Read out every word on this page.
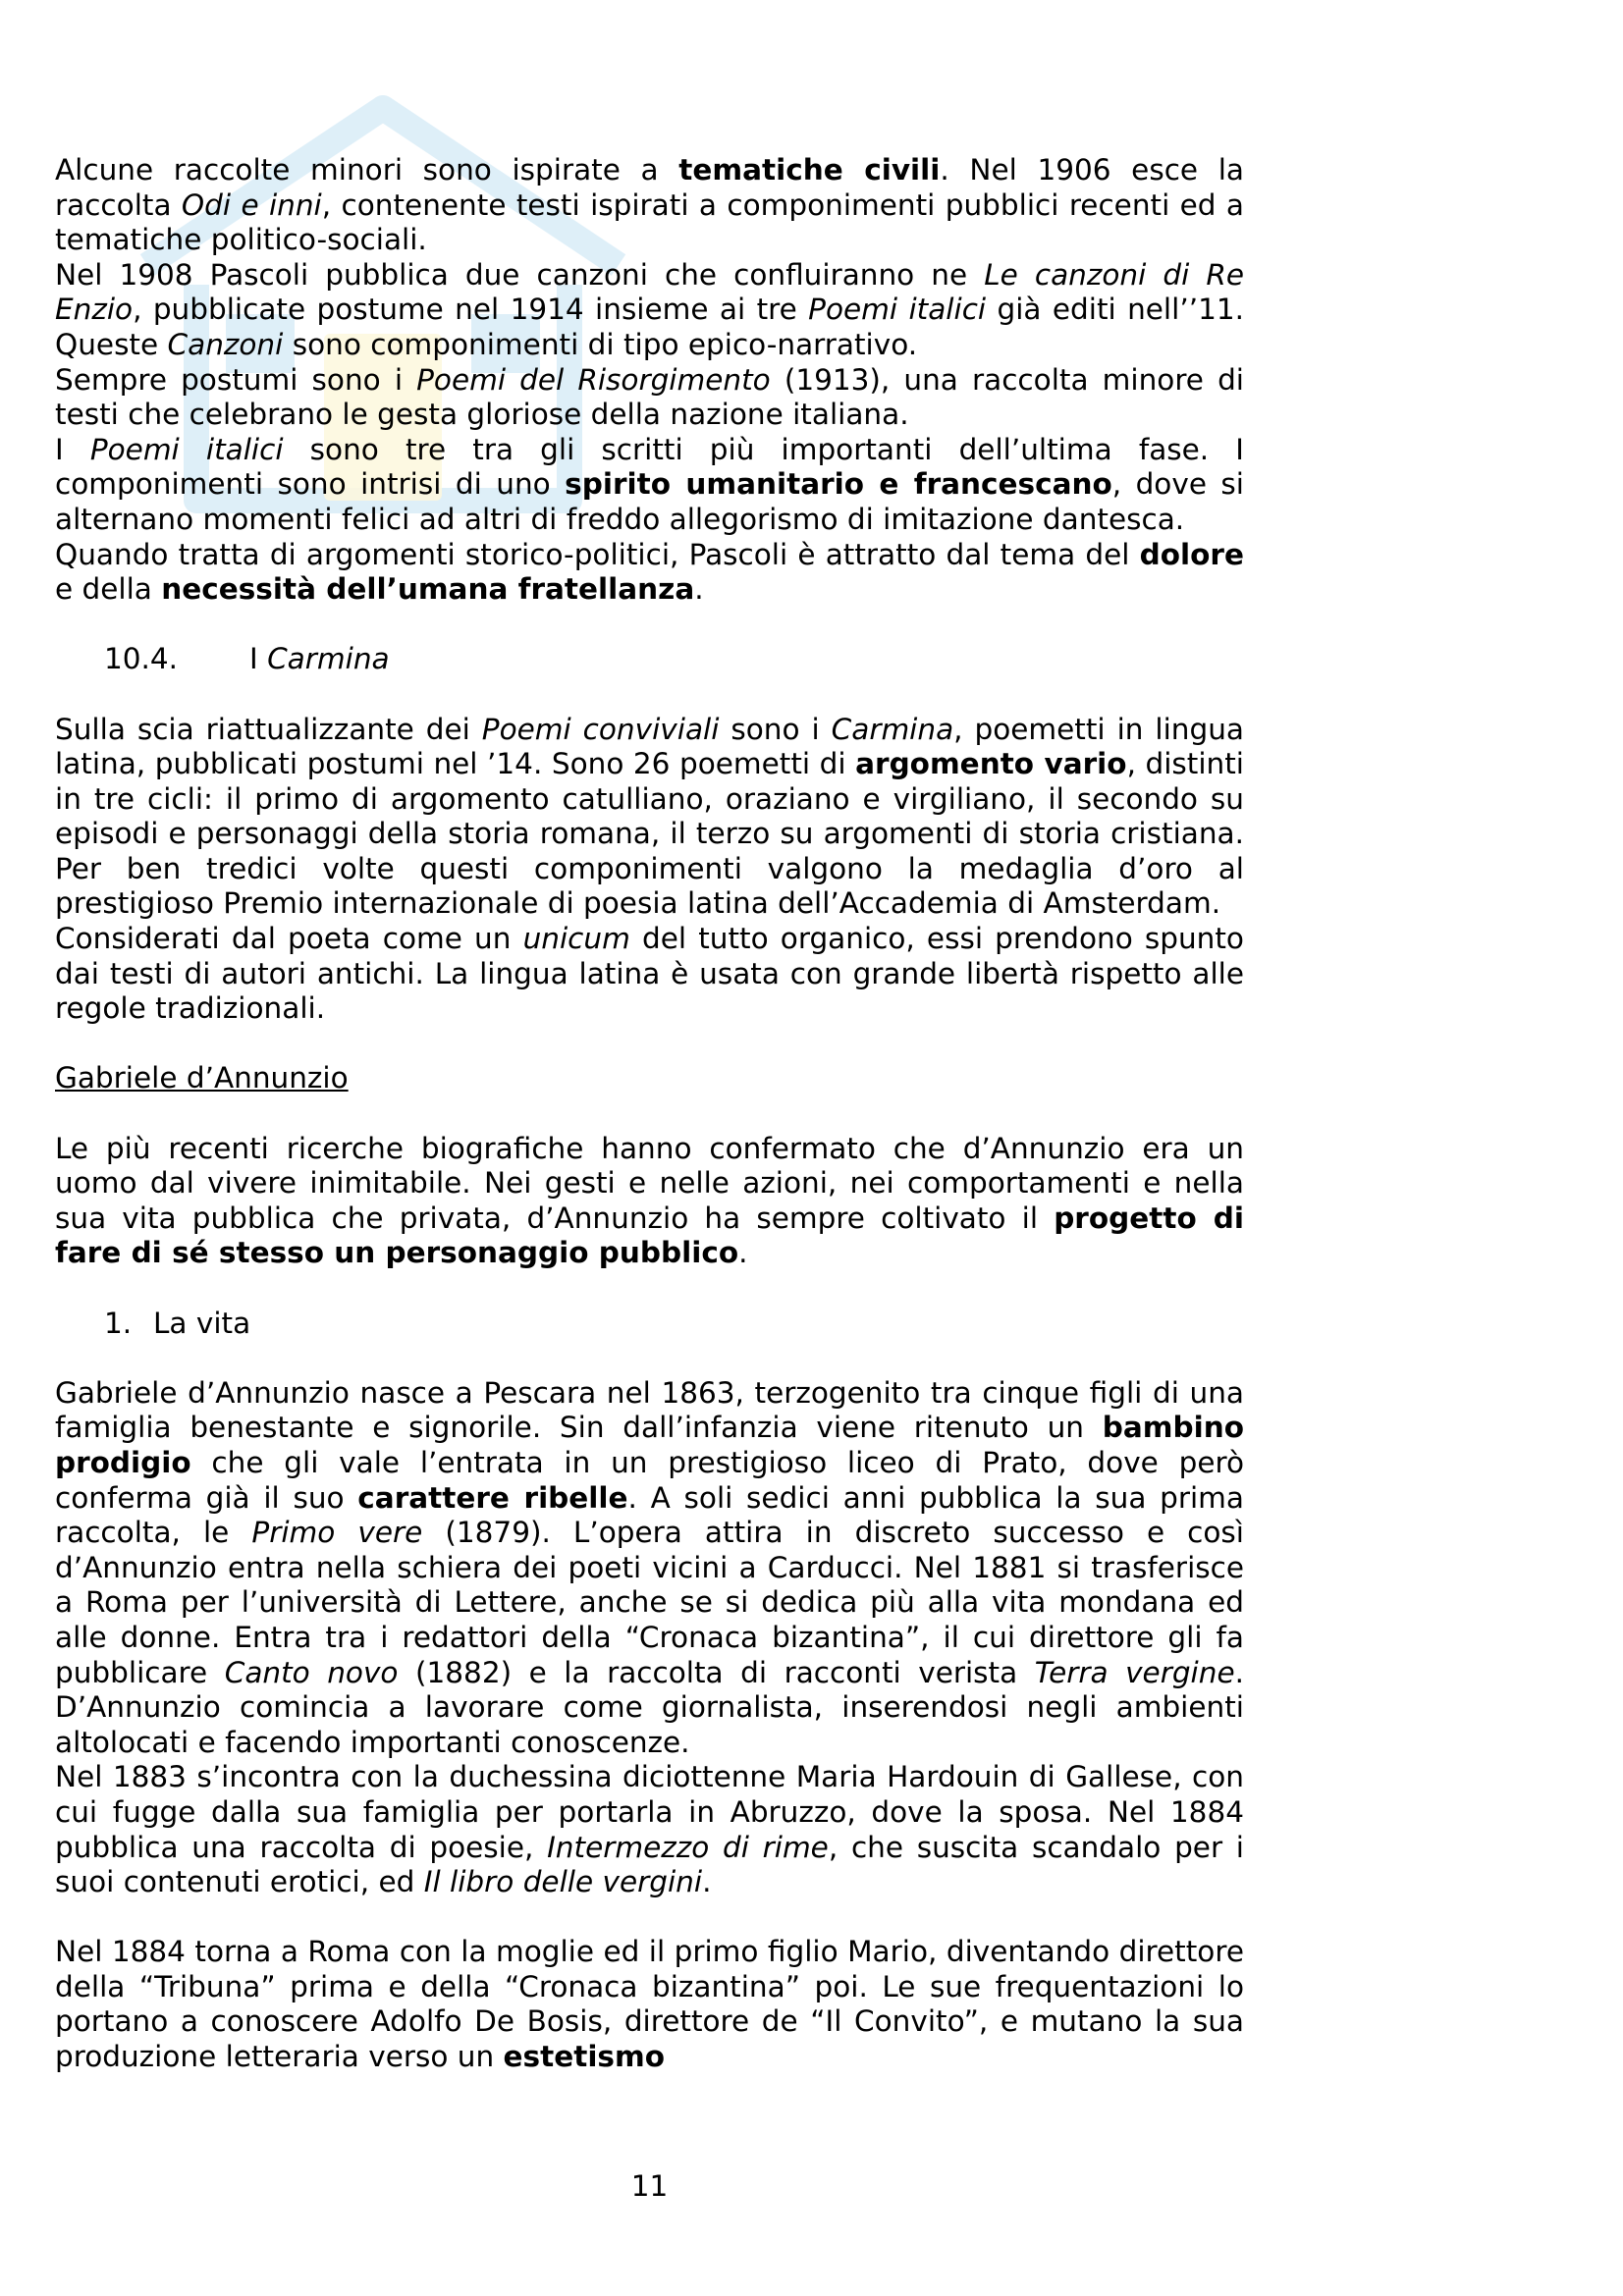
Alcune raccolte minori sono ispirate a tematiche civili. Nel 1906 esce la raccolta Odi e inni, contenente testi ispirati a componimenti pubblici recenti ed a tematiche politico-sociali.

Nel 1908 Pascoli pubblica due canzoni che confluiranno ne Le canzoni di Re Enzio, pubblicate postume nel 1914 insieme ai tre Poemi italici già editi nell’’11. Queste Canzoni sono componimenti di tipo epico-narrativo.

Sempre postumi sono i Poemi del Risorgimento (1913), una raccolta minore di testi che celebrano le gesta gloriose della nazione italiana.

I Poemi italici sono tre tra gli scritti più importanti dell’ultima fase. I componimenti sono intrisi di uno spirito umanitario e francescano, dove si alternano momenti felici ad altri di freddo allegorismo di imitazione dantesca.

Quando tratta di argomenti storico-politici, Pascoli è attratto dal tema del dolore e della necessità dell’umana fratellanza.

10.4. I Carmina

Sulla scia riattualizzante dei Poemi conviviali sono i Carmina, poemetti in lingua latina, pubblicati postumi nel ’14. Sono 26 poemetti di argomento vario, distinti in tre cicli: il primo di argomento catulliano, oraziano e virgiliano, il secondo su episodi e personaggi della storia romana, il terzo su argomenti di storia cristiana. Per ben tredici volte questi componimenti valgono la medaglia d’oro al prestigioso Premio internazionale di poesia latina dell’Accademia di Amsterdam.

Considerati dal poeta come un unicum del tutto organico, essi prendono spunto dai testi di autori antichi. La lingua latina è usata con grande libertà rispetto alle regole tradizionali.

Gabriele d’Annunzio

Le più recenti ricerche biografiche hanno confermato che d’Annunzio era un uomo dal vivere inimitabile. Nei gesti e nelle azioni, nei comportamenti e nella sua vita pubblica che privata, d’Annunzio ha sempre coltivato il progetto di fare di sé stesso un personaggio pubblico.

1. La vita

Gabriele d’Annunzio nasce a Pescara nel 1863, terzogenito tra cinque figli di una famiglia benestante e signorile. Sin dall’infanzia viene ritenuto un bambino prodigio che gli vale l’entrata in un prestigioso liceo di Prato, dove però conferma già il suo carattere ribelle. A soli sedici anni pubblica la sua prima raccolta, le Primo vere (1879). L’opera attira in discreto successo e così d’Annunzio entra nella schiera dei poeti vicini a Carducci. Nel 1881 si trasferisce a Roma per l’università di Lettere, anche se si dedica più alla vita mondana ed alle donne. Entra tra i redattori della “Cronaca bizantina”, il cui direttore gli fa pubblicare Canto novo (1882) e la raccolta di racconti verista Terra vergine. D’Annunzio comincia a lavorare come giornalista, inserendosi negli ambienti altolocati e facendo importanti conoscenze.

Nel 1883 s’incontra con la duchessina diciottenne Maria Hardouin di Gallese, con cui fugge dalla sua famiglia per portarla in Abruzzo, dove la sposa. Nel 1884 pubblica una raccolta di poesie, Intermezzo di rime, che suscita scandalo per i suoi contenuti erotici, ed Il libro delle vergini.

Nel 1884 torna a Roma con la moglie ed il primo figlio Mario, diventando direttore della “Tribuna” prima e della “Cronaca bizantina” poi. Le sue frequentazioni lo portano a conoscere Adolfo De Bosis, direttore de “Il Convito”, e mutano la sua produzione letteraria verso un estetismo

11
